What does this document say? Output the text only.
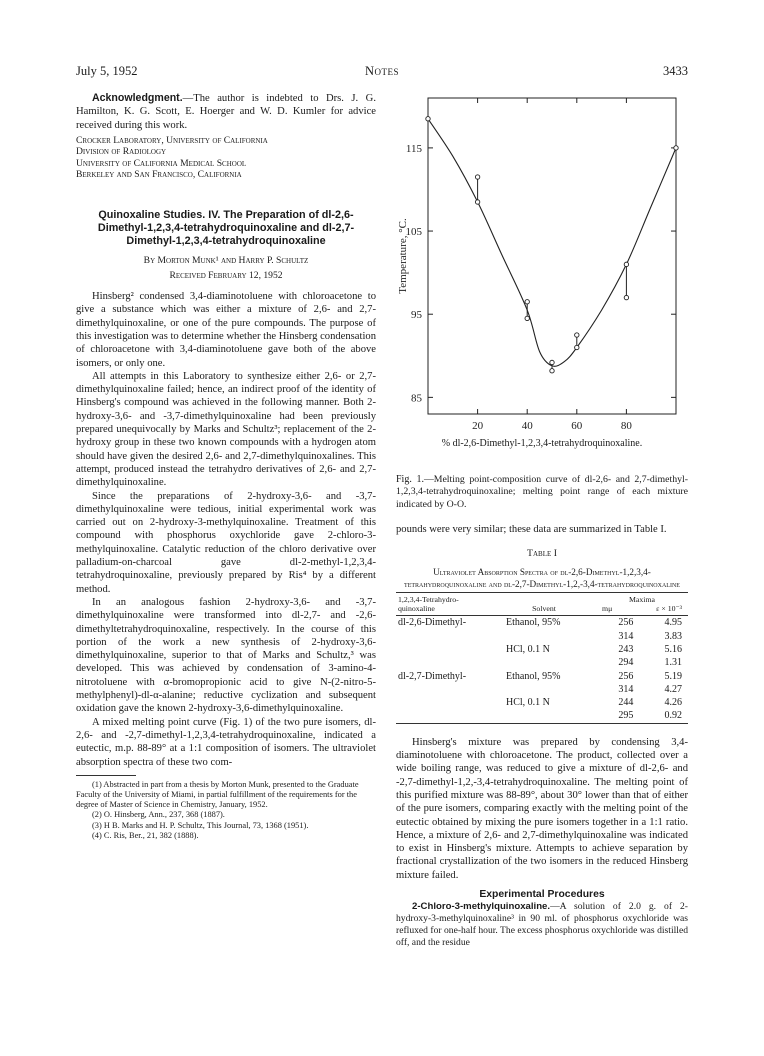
July 5, 1952	Notes	3433

Acknowledgment.—The author is indebted to Drs. J. G. Hamilton, K. G. Scott, E. Hoerger and W. D. Kumler for advice received during this work.

Crocker Laboratory, University of California
Division of Radiology
University of California Medical School
Berkeley and San Francisco, California
Quinoxaline Studies. IV. The Preparation of dl-2,6-Dimethyl-1,2,3,4-tetrahydroquinoxaline and dl-2,7-Dimethyl-1,2,3,4-tetrahydroquinoxaline
By Morton Munk¹ and Harry P. Schultz
Received February 12, 1952

Hinsberg² condensed 3,4-diaminotoluene with chloroacetone to give a substance which was either a mixture of 2,6- and 2,7-dimethylquinoxaline, or one of the pure compounds. The purpose of this investigation was to determine whether the Hinsberg condensation of chloroacetone with 3,4-diaminotoluene gave both of the above isomers, or only one.

All attempts in this Laboratory to synthesize either 2,6- or 2,7-dimethylquinoxaline failed; hence, an indirect proof of the identity of Hinsberg's compound was achieved in the following manner. Both 2-hydroxy-3,6- and -3,7-dimethylquinoxaline had been previously prepared unequivocally by Marks and Schultz³; replacement of the 2-hydroxy group in these two known compounds with a hydrogen atom should have given the desired 2,6- and 2,7-dimethylquinoxalines. This attempt, produced instead the tetrahydro derivatives of 2,6- and 2,7-dimethylquinoxaline.

Since the preparations of 2-hydroxy-3,6- and -3,7-dimethylquinoxaline were tedious, initial experimental work was carried out on 2-hydroxy-3-methylquinoxaline. Treatment of this compound with phosphorus oxychloride gave 2-chloro-3-methylquinoxaline. Catalytic reduction of the chloro derivative over palladium-on-charcoal gave dl-2-methyl-1,2,3,4-tetrahydroquinoxaline, previously prepared by Ris⁴ by a different method.

In an analogous fashion 2-hydroxy-3,6- and -3,7-dimethylquinoxaline were transformed into dl-2,7- and -2,6-dimethyltetrahydroquinoxaline, respectively. In the course of this portion of the work a new synthesis of 2-hydroxy-3,6-dimethylquinoxaline, superior to that of Marks and Schultz,³ was developed. This was achieved by condensation of 3-amino-4-nitrotoluene with α-bromopropionic acid to give N-(2-nitro-5-methylphenyl)-dl-α-alanine; reductive cyclization and subsequent oxidation gave the known 2-hydroxy-3,6-dimethylquinoxaline.

A mixed melting point curve (Fig. 1) of the two pure isomers, dl-2,6- and -2,7-dimethyl-1,2,3,4-tetrahydroquinoxaline, indicated a eutectic, m.p. 88-89° at a 1:1 composition of isomers. The ultraviolet absorption spectra of these two com-

(1) Abstracted in part from a thesis by Morton Munk, presented to the Graduate Faculty of the University of Miami, in partial fulfillment of the requirements for the degree of Master of Science in Chemistry, January, 1952.

(2) O. Hinsberg, Ann., 237, 368 (1887).

(3) H B. Marks and H. P. Schultz, This Journal, 73, 1368 (1951).

(4) C. Ris, Ber., 21, 382 (1888).

85
95
105
115
20	40	60	80
Temperature, °C.
% dl-2,6-Dimethyl-1,2,3,4-tetrahydroquinoxaline.
Fig. 1.—Melting point-composition curve of dl-2,6- and 2,7-dimethyl-1,2,3,4-tetrahydroquinoxaline; melting point range of each mixture indicated by O-O.

pounds were very similar; these data are summarized in Table I.

Table I
Ultraviolet Absorption Spectra of dl-2,6-Dimethyl-1,2,3,4-tetrahydroquinoxaline and dl-2,7-Dimethyl-1,2,-3,4-tetrahydroquinoxaline
1,2,3,4-Tetrahydro-quinoxaline	Solvent	Maxima
mμ ε × 10⁻³	

dl-2,6-Dimethyl-	Ethanol, 95%	256	4.95
		314	3.83
	HCl, 0.1 N	243	5.16
		294	1.31
dl-2,7-Dimethyl-	Ethanol, 95%	256	5.19
		314	4.27
	HCl, 0.1 N	244	4.26
		295	0.92

Hinsberg's mixture was prepared by condensing 3,4-diaminotoluene with chloroacetone. The product, collected over a wide boiling range, was reduced to give a mixture of dl-2,6- and -2,7-dimethyl-1,2,-3,4-tetrahydroquinoxaline. The melting point of this purified mixture was 88-89°, about 30° lower than that of either of the pure isomers, comparing exactly with the melting point of the eutectic obtained by mixing the pure isomers together in a 1:1 ratio. Hence, a mixture of 2,6- and 2,7-dimethylquinoxaline was indicated to exist in Hinsberg's mixture. Attempts to achieve separation by fractional crystallization of the two isomers in the reduced Hinsberg mixture failed.

Experimental Procedures

2-Chloro-3-methylquinoxaline.—A solution of 2.0 g. of 2-hydroxy-3-methylquinoxaline³ in 90 ml. of phosphorus oxychloride was refluxed for one-half hour. The excess phosphorus oxychloride was distilled off, and the residue
